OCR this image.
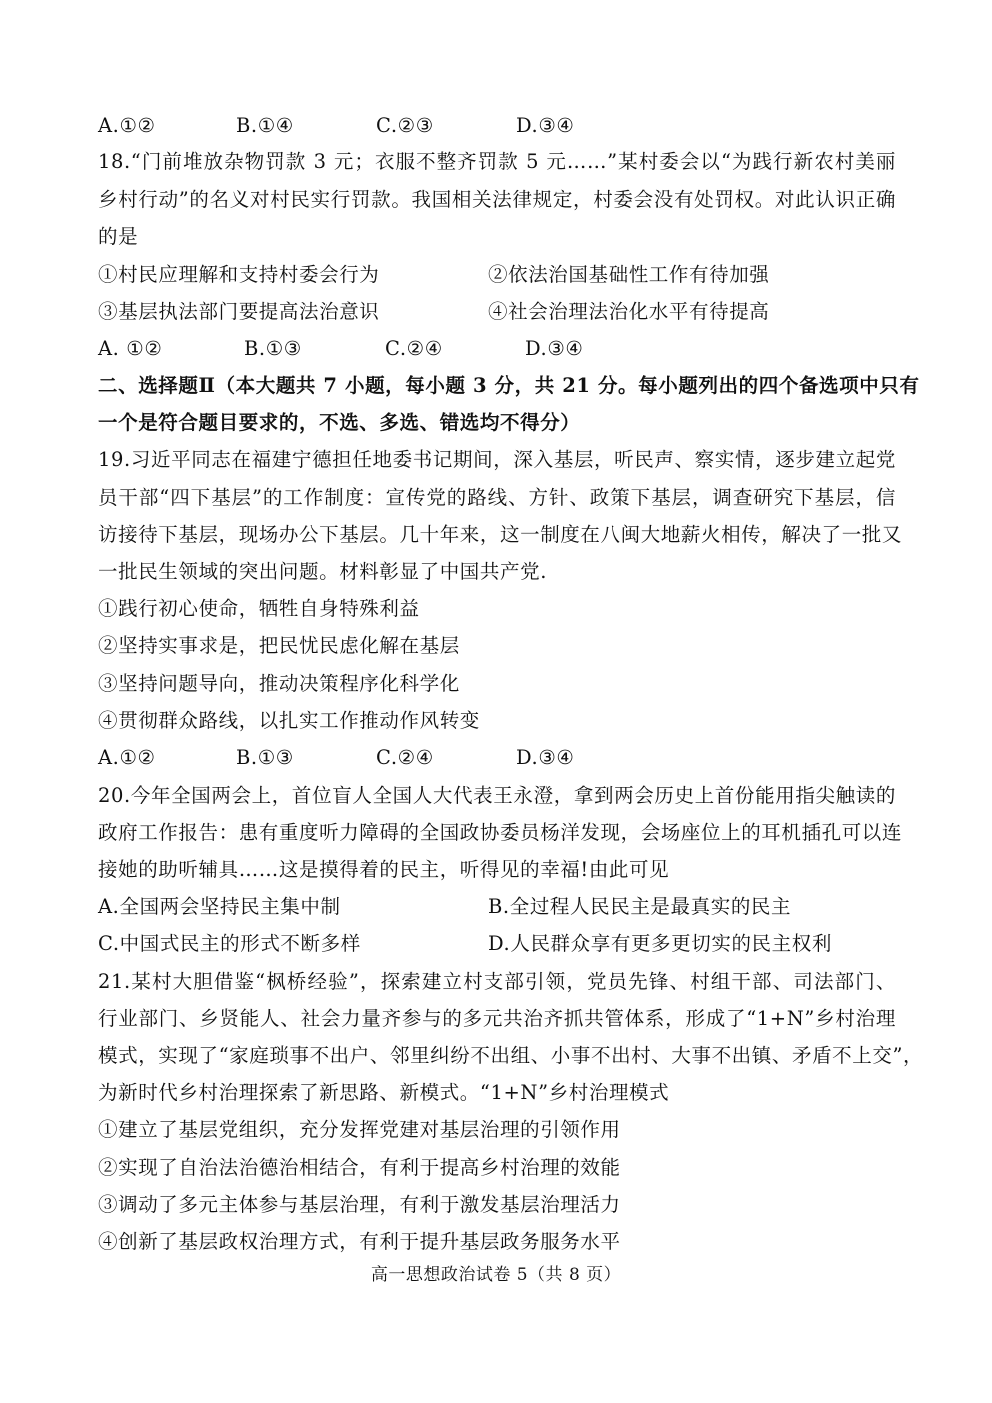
A.①②	B.①④	C.②③	D.③④
18.“门前堆放杂物罚款 3 元；衣服不整齐罚款 5 元……”某村委会以“为践行新农村美丽
乡村行动”的名义对村民实行罚款。我国相关法律规定，村委会没有处罚权。对此认识正确
的是
①村民应理解和支持村委会行为	②依法治国基础性工作有待加强
③基层执法部门要提高法治意识	④社会治理法治化水平有待提高
A. ①②	B.①③	C.②④	D.③④
二、选择题Ⅱ（本大题共 7 小题，每小题 3 分，共 21 分。每小题列出的四个备选项中只有
一个是符合题目要求的，不选、多选、错选均不得分）
19.习近平同志在福建宁德担任地委书记期间，深入基层，听民声、察实情，逐步建立起党
员干部“四下基层”的工作制度：宣传党的路线、方针、政策下基层，调查研究下基层，信
访接待下基层，现场办公下基层。几十年来，这一制度在八闽大地薪火相传，解决了一批又
一批民生领域的突出问题。材料彰显了中国共产党.
①践行初心使命，牺牲自身特殊利益
②坚持实事求是，把民忧民虑化解在基层
③坚持问题导向，推动决策程序化科学化
④贯彻群众路线，以扎实工作推动作风转变
A.①②	B.①③	C.②④	D.③④
20.今年全国两会上，首位盲人全国人大代表王永澄，拿到两会历史上首份能用指尖触读的
政府工作报告：患有重度听力障碍的全国政协委员杨洋发现，会场座位上的耳机插孔可以连
接她的助听辅具……这是摸得着的民主，听得见的幸福!由此可见
A.全国两会坚持民主集中制	B.全过程人民民主是最真实的民主
C.中国式民主的形式不断多样	D.人民群众享有更多更切实的民主权利
21.某村大胆借鉴“枫桥经验”，探索建立村支部引领，党员先锋、村组干部、司法部门、
行业部门、乡贤能人、社会力量齐参与的多元共治齐抓共管体系，形成了“1+N”乡村治理
模式，实现了“家庭琐事不出户、邻里纠纷不出组、小事不出村、大事不出镇、矛盾不上交”，
为新时代乡村治理探索了新思路、新模式。“1+N”乡村治理模式
①建立了基层党组织，充分发挥党建对基层治理的引领作用
②实现了自治法治德治相结合，有利于提高乡村治理的效能
③调动了多元主体参与基层治理，有利于激发基层治理活力
④创新了基层政权治理方式，有利于提升基层政务服务水平
高一思想政治试卷 5（共 8 页）
